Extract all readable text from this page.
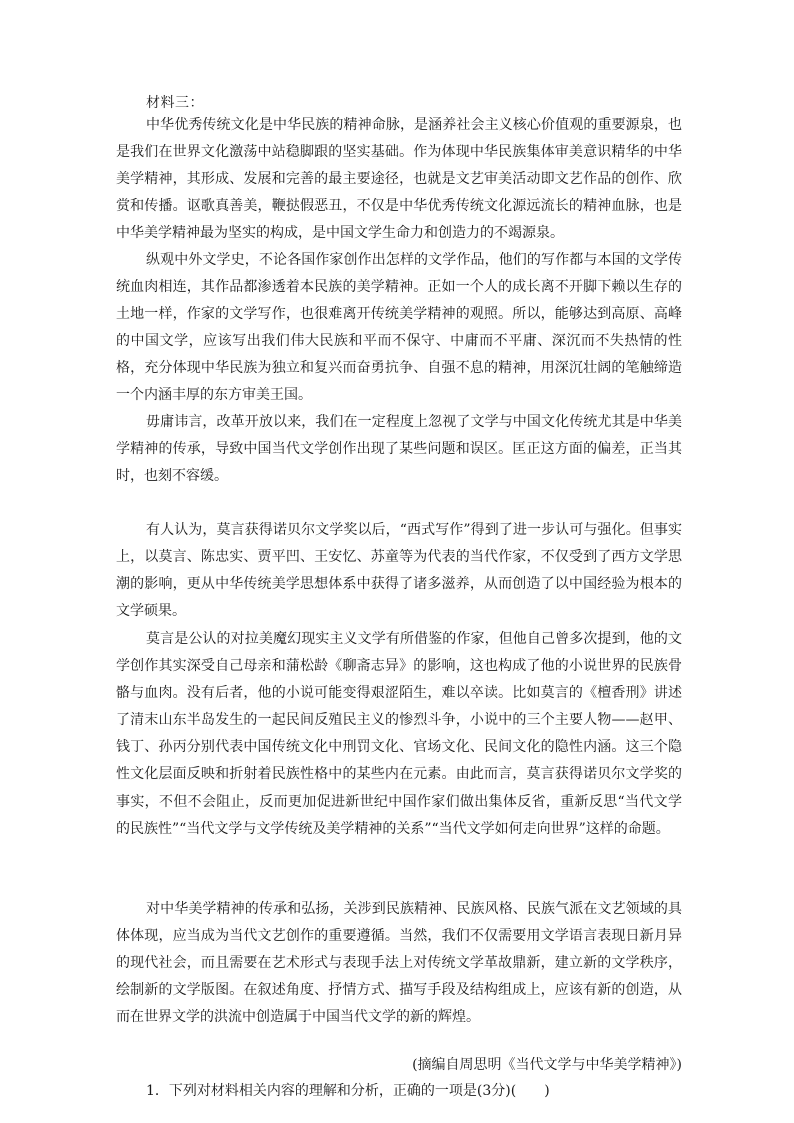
材料三：
中华优秀传统文化是中华民族的精神命脉，是涵养社会主义核心价值观的重要源泉，也是我们在世界文化激荡中站稳脚跟的坚实基础。作为体现中华民族集体审美意识精华的中华美学精神，其形成、发展和完善的最主要途径，也就是文艺审美活动即文艺作品的创作、欣赏和传播。讴歌真善美，鞭挞假恶丑，不仅是中华优秀传统文化源远流长的精神血脉，也是中华美学精神最为坚实的构成，是中国文学生命力和创造力的不竭源泉。
纵观中外文学史，不论各国作家创作出怎样的文学作品，他们的写作都与本国的文学传统血肉相连，其作品都渗透着本民族的美学精神。正如一个人的成长离不开脚下赖以生存的土地一样，作家的文学写作，也很难离开传统美学精神的观照。所以，能够达到高原、高峰的中国文学，应该写出我们伟大民族和平而不保守、中庸而不平庸、深沉而不失热情的性格，充分体现中华民族为独立和复兴而奋勇抗争、自强不息的精神，用深沉壮阔的笔触缔造一个内涵丰厚的东方审美王国。
毋庸讳言，改革开放以来，我们在一定程度上忽视了文学与中国文化传统尤其是中华美学精神的传承，导致中国当代文学创作出现了某些问题和误区。匡正这方面的偏差，正当其时，也刻不容缓。
有人认为，莫言获得诺贝尔文学奖以后，“西式写作”得到了进一步认可与强化。但事实上，以莫言、陈忠实、贾平凹、王安忆、苏童等为代表的当代作家，不仅受到了西方文学思潮的影响，更从中华传统美学思想体系中获得了诸多滋养，从而创造了以中国经验为根本的文学硕果。
莫言是公认的对拉美魔幻现实主义文学有所借鉴的作家，但他自己曾多次提到，他的文学创作其实深受自己母亲和蒲松龄《聊斋志异》的影响，这也构成了他的小说世界的民族骨骼与血肉。没有后者，他的小说可能变得艰涩陌生，难以卒读。比如莫言的《檀香刑》讲述了清末山东半岛发生的一起民间反殖民主义的惨烈斗争，小说中的三个主要人物——赵甲、钱丁、孙丙分别代表中国传统文化中刑罚文化、官场文化、民间文化的隐性内涵。这三个隐性文化层面反映和折射着民族性格中的某些内在元素。由此而言，莫言获得诺贝尔文学奖的事实，不但不会阻止，反而更加促进新世纪中国作家们做出集体反省，重新反思“当代文学的民族性”“当代文学与文学传统及美学精神的关系”“当代文学如何走向世界”这样的命题。
对中华美学精神的传承和弘扬，关涉到民族精神、民族风格、民族气派在文艺领域的具体体现，应当成为当代文艺创作的重要遵循。当然，我们不仅需要用文学语言表现日新月异的现代社会，而且需要在艺术形式与表现手法上对传统文学革故鼎新，建立新的文学秩序，绘制新的文学版图。在叙述角度、抒情方式、描写手段及结构组成上，应该有新的创造，从而在世界文学的洪流中创造属于中国当代文学的新的辉煌。
(摘编自周思明《当代文学与中华美学精神》)
1．下列对材料相关内容的理解和分析，正确的一项是(3分)(　　)
